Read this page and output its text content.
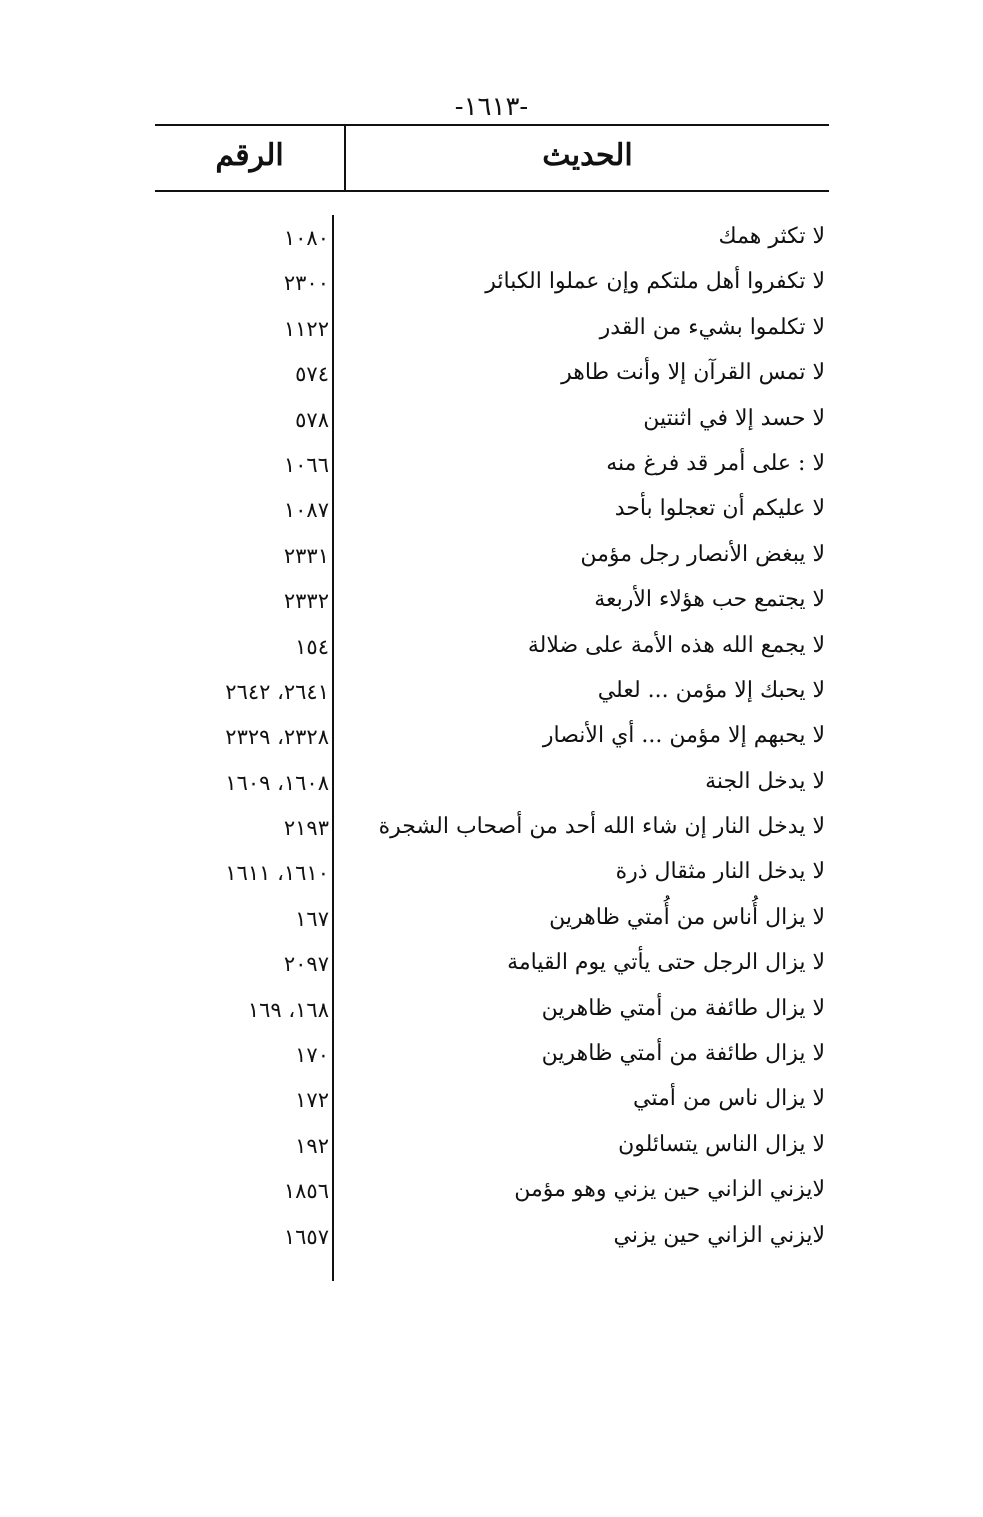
-١٦١٣-
الحديث
الرقم
لا تكثر همك
١٠٨٠
لا تكفروا أهل ملتكم وإن عملوا الكبائر
٢٣٠٠
لا تكلموا بشيء من القدر
١١٢٢
لا تمس القرآن إلا وأنت طاهر
٥٧٤
لا حسد إلا في اثنتين
٥٧٨
لا : على أمر قد فرغ منه
١٠٦٦
لا عليكم أن تعجلوا بأحد
١٠٨٧
لا يبغض الأنصار رجل مؤمن
٢٣٣١
لا يجتمع حب هؤلاء الأربعة
٢٣٣٢
لا يجمع الله هذه الأمة على ضلالة
١٥٤
لا يحبك إلا مؤمن ... لعلي
٢٦٤١، ٢٦٤٢
لا يحبهم إلا مؤمن ... أي الأنصار
٢٣٢٨، ٢٣٢٩
لا يدخل الجنة
١٦٠٨، ١٦٠٩
لا يدخل النار إن شاء الله أحد من أصحاب الشجرة
٢١٩٣
لا يدخل النار مثقال ذرة
١٦١٠، ١٦١١
لا يزال أُناس من أُمتي ظاهرين
١٦٧
لا يزال الرجل حتى يأتي يوم القيامة
٢٠٩٧
لا يزال طائفة من أمتي ظاهرين
١٦٨، ١٦٩
لا يزال طائفة من أمتي ظاهرين
١٧٠
لا يزال ناس من أمتي
١٧٢
لا يزال الناس يتسائلون
١٩٢
لايزني الزاني حين يزني وهو مؤمن
١٨٥٦
لايزني الزاني حين يزني
١٦٥٧
